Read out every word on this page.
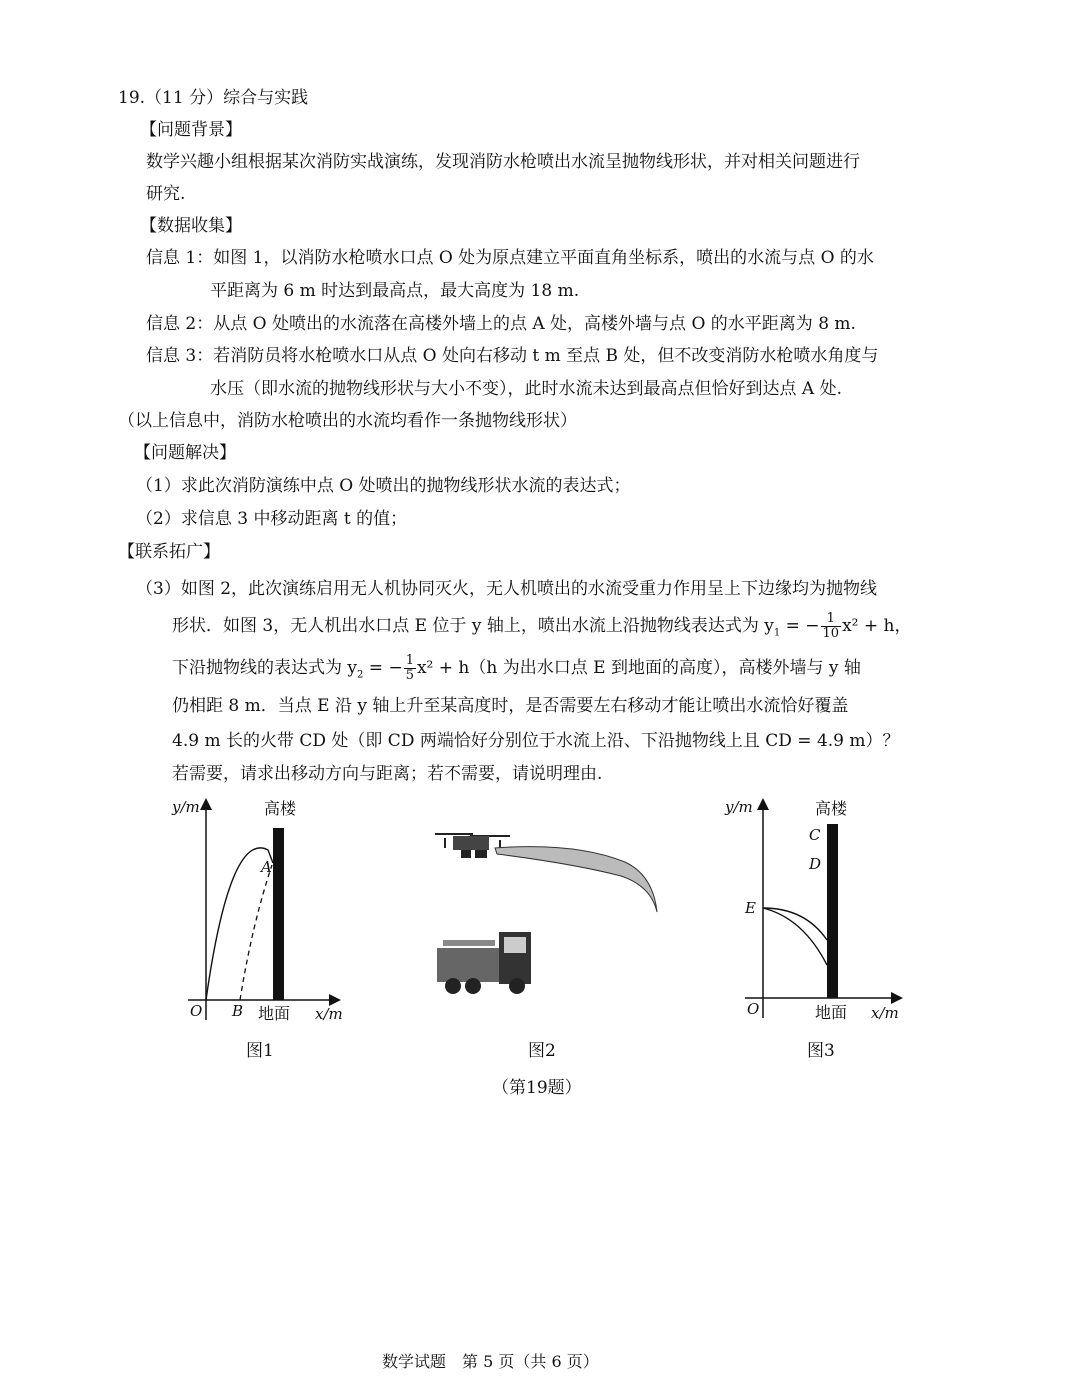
19.（11 分）综合与实践
【问题背景】
数学兴趣小组根据某次消防实战演练，发现消防水枪喷出水流呈抛物线形状，并对相关问题进行
研究.
【数据收集】
信息 1：如图 1，以消防水枪喷水口点 O 处为原点建立平面直角坐标系，喷出的水流与点 O 的水
平距离为 6 m 时达到最高点，最大高度为 18 m.
信息 2：从点 O 处喷出的水流落在高楼外墙上的点 A 处，高楼外墙与点 O 的水平距离为 8 m.
信息 3：若消防员将水枪喷水口从点 O 处向右移动 t m 至点 B 处，但不改变消防水枪喷水角度与
水压（即水流的抛物线形状与大小不变），此时水流未达到最高点但恰好到达点 A 处.
（以上信息中，消防水枪喷出的水流均看作一条抛物线形状）
【问题解决】
（1）求此次消防演练中点 O 处喷出的抛物线形状水流的表达式；
（2）求信息 3 中移动距离 t 的值；
【联系拓广】
（3）如图 2，此次演练启用无人机协同灭火，无人机喷出的水流受重力作用呈上下边缘均为抛物线
形状．如图 3，无人机出水口点 E 位于 y 轴上，喷出水流上沿抛物线表达式为 $y_1$ = − $\frac{1}{10} x^2 + h$，
下沿抛物线的表达式为 $y_2$ = − $\frac{1}{5} x^2 + h(h$ 为出水口点 E 到地面的高度），高楼外墙与 y 轴
仍相距 8 m．当点 E 沿 y 轴上升至某高度时，是否需要左右移动才能让喷出水流恰好覆盖
4.9 m 长的火带 CD 处（即 CD 两端恰好分别位于水流上沿、下沿抛物线上且 CD = 4.9 m）？
若需要，请求出移动方向与距离；若不需要，请说明理由.
y/m	高楼
A
O B 地面 x/m
图1	图2
y/m	高楼
C
D
E
O	地面 x/m
图3
（第19题）
数学试题　第 5 页（共 6 页）
